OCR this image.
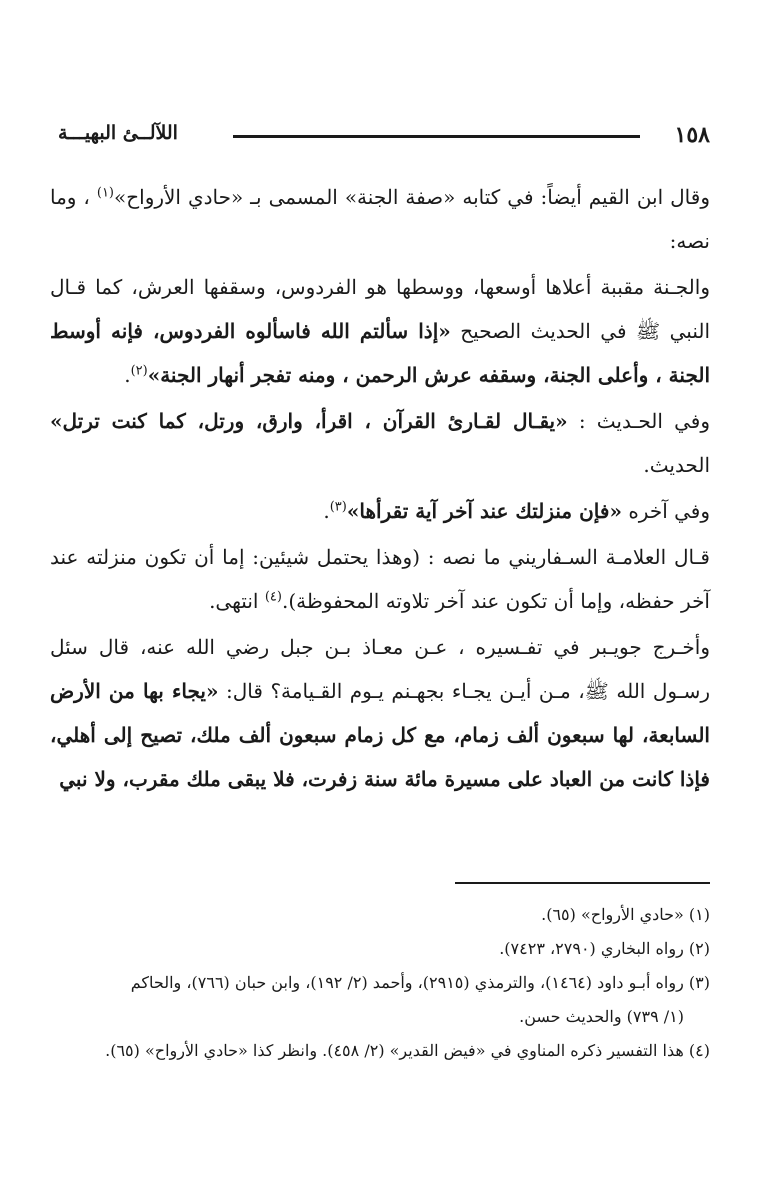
١٥٨
اللآلــئ البهيـــة

وقال ابن القيم أيضاً: في كتابه «صفة الجنة» المسمى بـ «حادي الأرواح»$^{(١)}$ ، وما نصه:

والجـنة مقببة أعلاها أوسعها، ووسطها هو الفردوس، وسقفها العرش، كما قـال النبي ﷺ في الحديث الصحيح «إذا سألتم الله فاسألوه الفردوس، فإنه أوسط الجنة ، وأعلى الجنة، وسقفه عرش الرحمن ، ومنه تفجر أنهار الجنة»$^{(٢)}$.

وفي الحـديث : «يقـال لقـارئ القرآن ، اقرأ، وارق، ورتل، كما كنت ترتل» الحديث.

وفي آخره «فإن منزلتك عند آخر آية تقرأها»$^{(٣)}$.

قـال العلامـة السـفاريني ما نصه : (وهذا يحتمل شيئين: إما أن تكون منزلته عند آخر حفظه، وإما أن تكون عند آخر تلاوته المحفوظة).$^{(٤)}$ انتهى.

وأخـرج جويـبر في تفـسيره ، عـن معـاذ بـن جبل رضي الله عنه، قال سئل رسـول الله ﷺ، مـن أيـن يجـاء بجهـنم يـوم القـيامة؟ قال: «يجاء بها من الأرض السابعة، لها سبعون ألف زمام، مع كل زمام سبعون ألف ملك، تصيح إلى أهلي، فإذا كانت من العباد على مسيرة مائة سنة زفرت، فلا يبقى ملك مقرب، ولا نبي

(١) «حادي الأرواح» (٦٥).

(٢) رواه البخاري (٢٧٩٠، ٧٤٢٣).

(٣) رواه أبـو داود (١٤٦٤)، والترمذي (٢٩١٥)، وأحمد (٢/ ١٩٢)، وابن حبان (٧٦٦)، والحاكم

(١/ ٧٣٩) والحديث حسن.

(٤) هذا التفسير ذكره المناوي في «فيض القدير» (٢/ ٤٥٨). وانظر كذا «حادي الأرواح» (٦٥).
